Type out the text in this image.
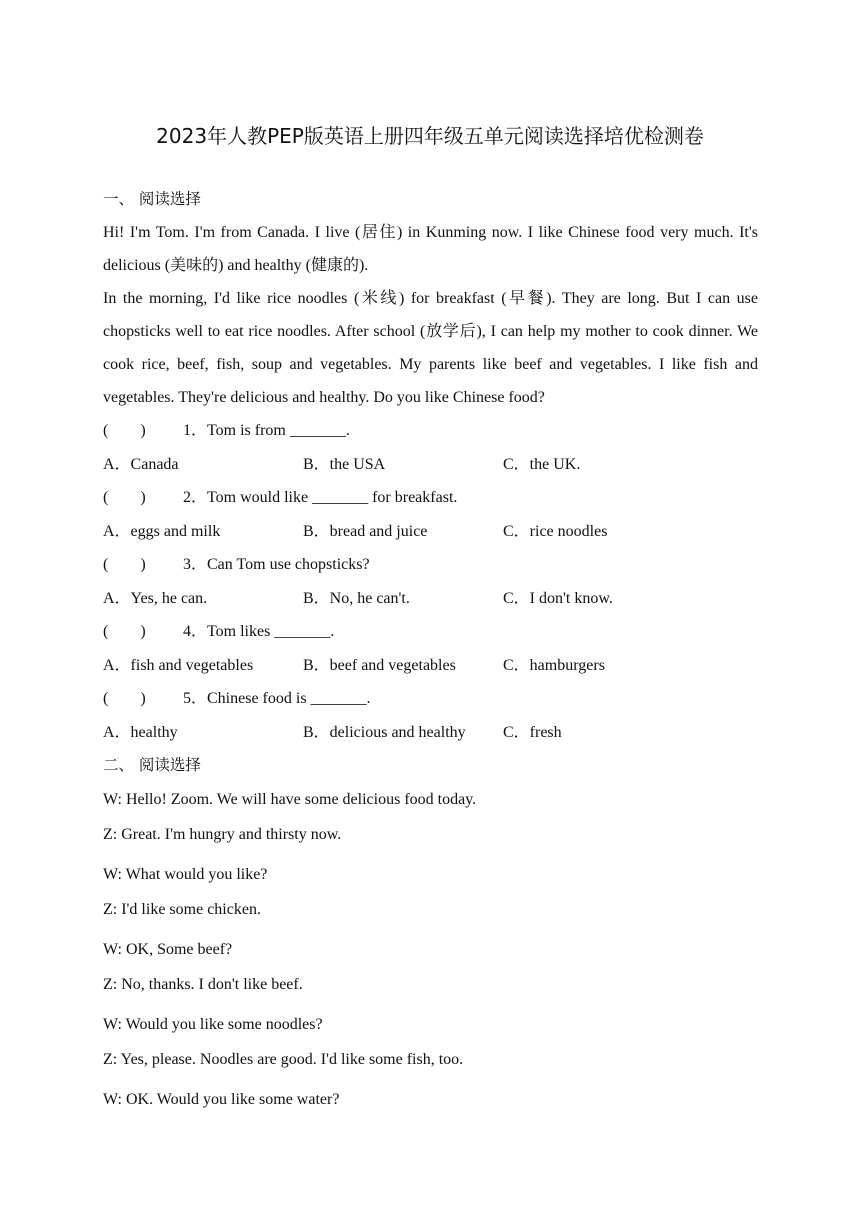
2023年人教PEP版英语上册四年级五单元阅读选择培优检测卷
一、 阅读选择
Hi! I'm Tom. I'm from Canada. I live (居住) in Kunming now. I like Chinese food very much. It's delicious (美味的) and healthy (健康的).
In the morning, I'd like rice noodles (米线) for breakfast (早餐). They are long. But I can use chopsticks well to eat rice noodles. After school (放学后), I can help my mother to cook dinner. We cook rice, beef, fish, soup and vegetables. My parents like beef and vegetables. I like fish and vegetables. They're delicious and healthy. Do you like Chinese food?
(　　) 1．Tom is from _______.
A．Canada	B．the USA	C．the UK.
(　　) 2．Tom would like _______ for breakfast.
A．eggs and milk	B．bread and juice	C．rice noodles
(　　) 3．Can Tom use chopsticks?
A．Yes, he can.	B．No, he can't.	C．I don't know.
(　　) 4．Tom likes _______.
A．fish and vegetables	B．beef and vegetables	C．hamburgers
(　　) 5．Chinese food is _______.
A．healthy	B．delicious and healthy	C．fresh
二、 阅读选择
W: Hello! Zoom. We will have some delicious food today.
Z: Great. I'm hungry and thirsty now.
W: What would you like?
Z: I'd like some chicken.
W: OK, Some beef?
Z: No, thanks. I don't like beef.
W: Would you like some noodles?
Z: Yes, please. Noodles are good. I'd like some fish, too.
W: OK. Would you like some water?
